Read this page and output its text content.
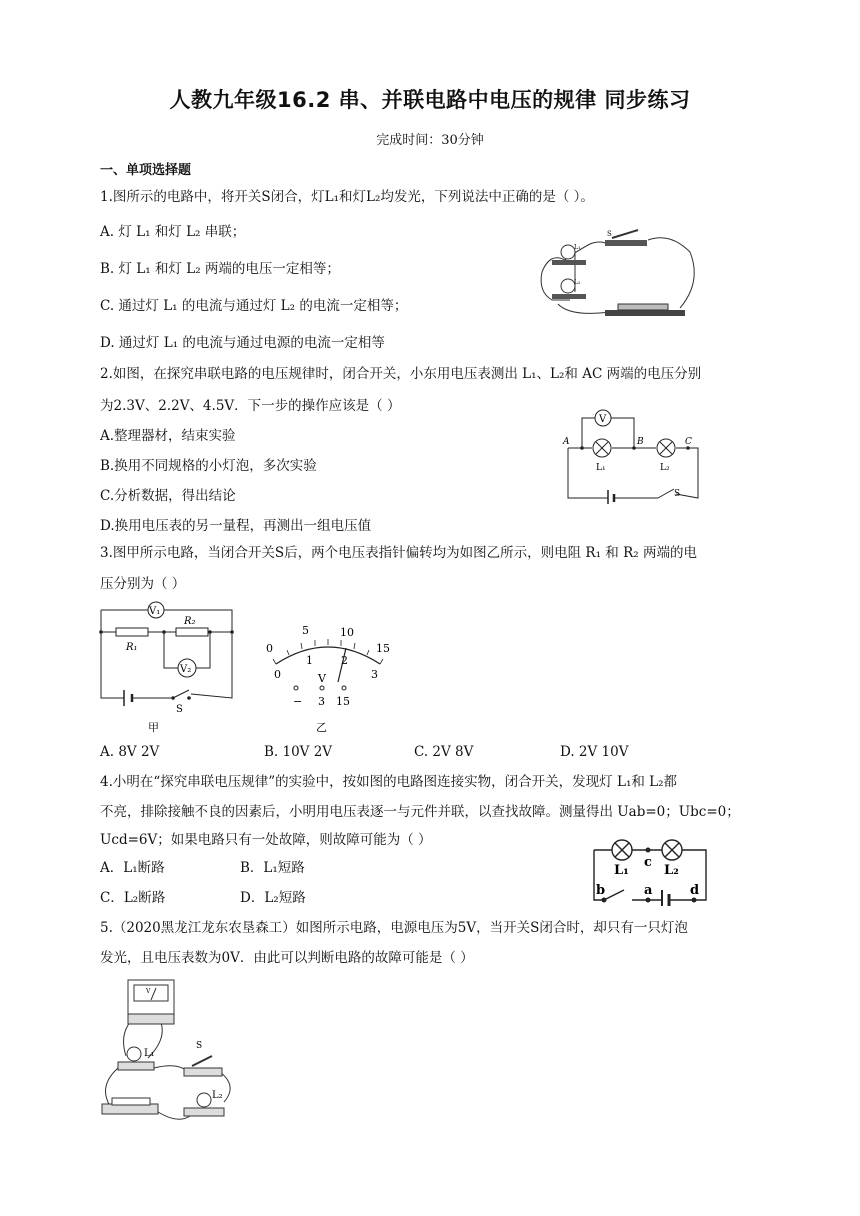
人教九年级16.2 串、并联电路中电压的规律 同步练习
完成时间：30分钟
一、单项选择题
1.图所示的电路中，将开关S闭合，灯L₁和灯L₂均发光，下列说法中正确的是（ ）。
A. 灯 L₁ 和灯 L₂ 串联；
B. 灯 L₁ 和灯 L₂ 两端的电压一定相等；
C. 通过灯 L₁ 的电流与通过灯 L₂ 的电流一定相等；
D. 通过灯 L₁ 的电流与通过电源的电流一定相等
L₁
L₂
S
2.如图，在探究串联电路的电压规律时，闭合开关，小东用电压表测出 L₁、L₂和 AC 两端的电压分别
为2.3V、2.2V、4.5V．下一步的操作应该是（ ）
A.整理器材，结束实验
B.换用不同规格的小灯泡，多次实验
C.分析数据，得出结论
D.换用电压表的另一量程，再测出一组电压值
V
A	B	C
L₁	L₂
S
3.图甲所示电路，当闭合开关S后，两个电压表指针偏转均为如图乙所示，则电阻 R₁ 和 R₂ 两端的电
压分别为（ ）
V₁
V₂
R₁
R₂
S
甲
0
5	10
15
0
1	2
3
V
− 3 15
乙
A. 8V 2V	B. 10V 2V	C. 2V 8V	D. 2V 10V
4.小明在“探究串联电压规律”的实验中，按如图的电路图连接实物，闭合开关，发现灯 L₁和 L₂都
不亮，排除接触不良的因素后，小明用电压表逐一与元件并联，以查找故障。测量得出 Uab=0；Ubc=0；
Ucd=6V；如果电路只有一处故障，则故障可能为（ ）
A．L₁断路	B．L₁短路
C．L₂断路	D．L₂短路
L₁	L₂
c
b	a	d
5.（2020黑龙江龙东农垦森工）如图所示电路，电源电压为5V，当开关S闭合时，却只有一只灯泡
发光，且电压表数为0V．由此可以判断电路的故障可能是（ ）
V
L₁
S
L₂
